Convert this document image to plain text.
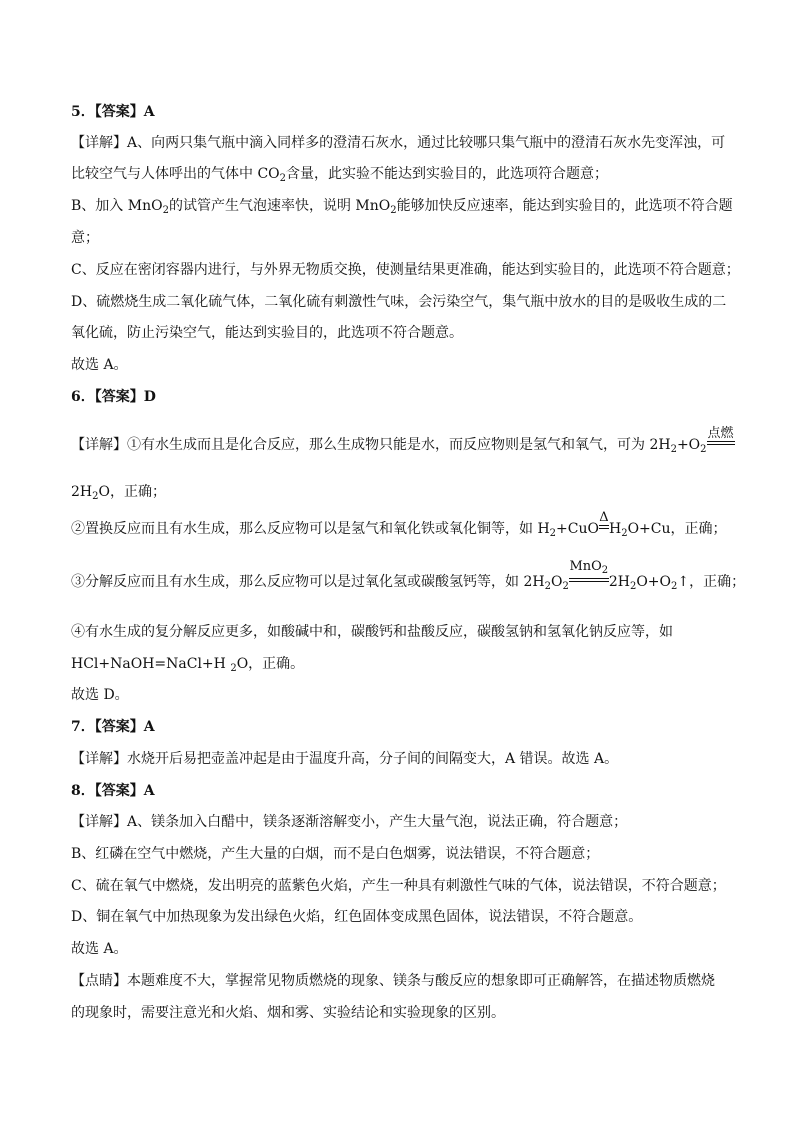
5．【答案】A
【详解】A、向两只集气瓶中滴入同样多的澄清石灰水，通过比较哪只集气瓶中的澄清石灰水先变浑浊，可
比较空气与人体呼出的气体中 $CO_2$含量，此实验不能达到实验目的，此选项符合题意；
B、加入 MnO$_2$的试管产生气泡速率快，说明 MnO$_2$能够加快反应速率，能达到实验目的，此选项不符合题
意；
C、反应在密闭容器内进行，与外界无物质交换，使测量结果更准确，能达到实验目的，此选项不符合题意；
D、硫燃烧生成二氧化硫气体，二氧化硫有刺激性气味，会污染空气，集气瓶中放水的目的是吸收生成的二
氧化硫，防止污染空气，能达到实验目的，此选项不符合题意。
故选 A。
6．【答案】D
【详解】①有水生成而且是化合反应，那么生成物只能是水，而反应物则是氢气和氧气，可为 $2H_2+O_2$
点燃
$2H_2O$，正确；
②置换反应而且有水生成，那么反应物可以是氢气和氧化铁或氧化铜等，如 $H_2+CuO$
Δ
$H_2O+Cu$，正确；
③分解反应而且有水生成，那么反应物可以是过氧化氢或碳酸氢钙等，如 $2H_2O_2$
MnO$_2$
$2H_2O+O_2↑$，正确；
④有水生成的复分解反应更多，如酸碱中和，碳酸钙和盐酸反应，碳酸氢钠和氢氧化钠反应等，如
HCl+NaOH=NaCl+H $_2$O，正确。
故选 D。
7．【答案】A
【详解】水烧开后易把壶盖冲起是由于温度升高，分子间的间隔变大，A 错误。故选 A。
8．【答案】A
【详解】A、镁条加入白醋中，镁条逐渐溶解变小，产生大量气泡，说法正确，符合题意；
B、红磷在空气中燃烧，产生大量的白烟，而不是白色烟雾，说法错误，不符合题意；
C、硫在氧气中燃烧，发出明亮的蓝紫色火焰，产生一种具有刺激性气味的气体，说法错误，不符合题意；
D、铜在氧气中加热现象为发出绿色火焰，红色固体变成黑色固体，说法错误，不符合题意。
故选 A。
【点睛】本题难度不大，掌握常见物质燃烧的现象、镁条与酸反应的想象即可正确解答，在描述物质燃烧
的现象时，需要注意光和火焰、烟和雾、实验结论和实验现象的区别。
